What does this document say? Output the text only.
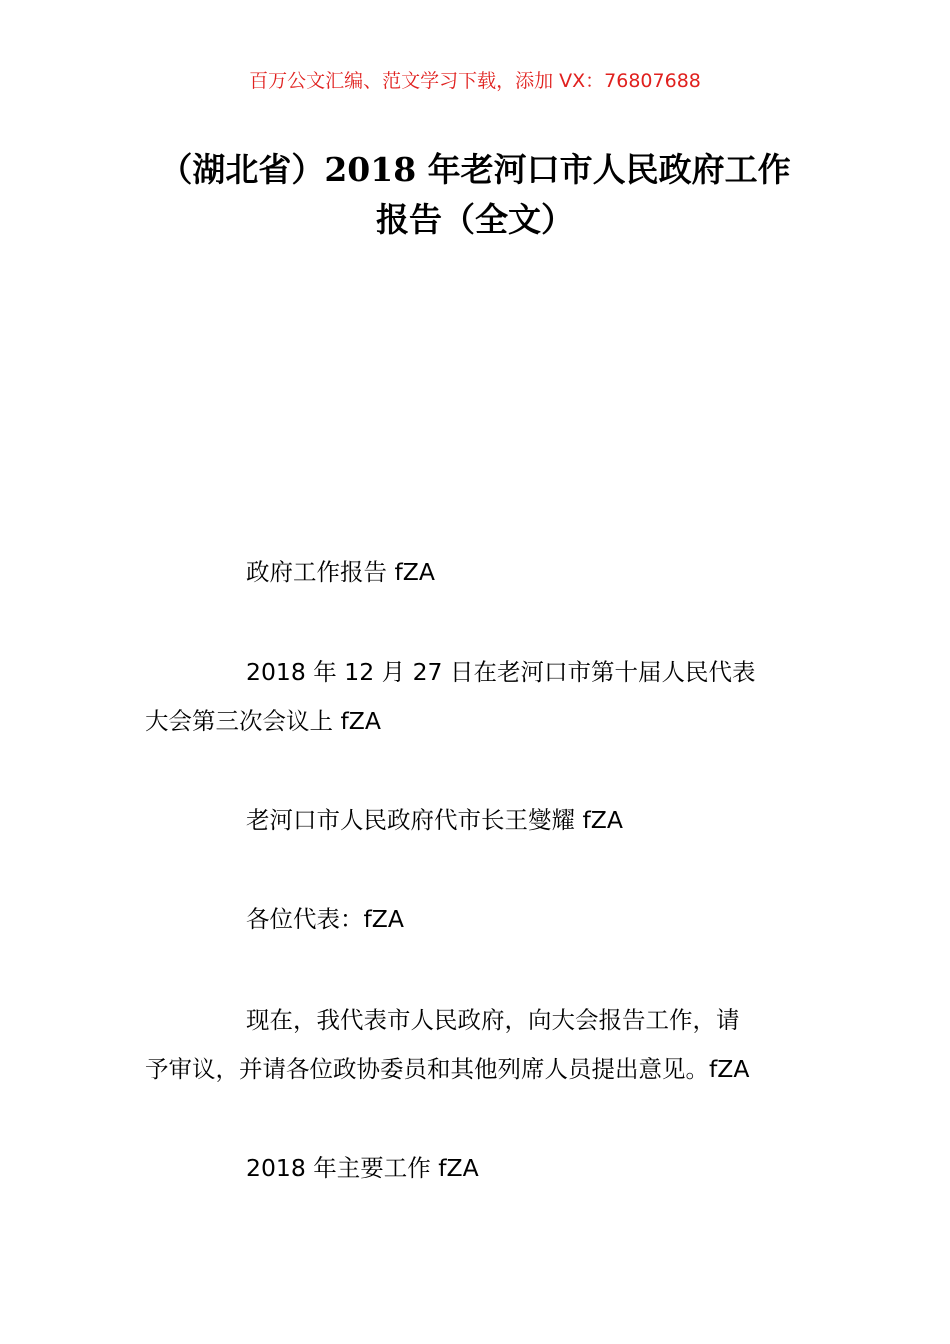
百万公文汇编、范文学习下载，添加 VX：76807688
（湖北省）2018 年老河口市人民政府工作
报告（全文）
政府工作报告 fZA
2018 年 12 月 27 日在老河口市第十届人民代表
大会第三次会议上 fZA
老河口市人民政府代市长王燮耀 fZA
各位代表：fZA
现在，我代表市人民政府，向大会报告工作，请
予审议，并请各位政协委员和其他列席人员提出意见。fZA
2018 年主要工作 fZA
